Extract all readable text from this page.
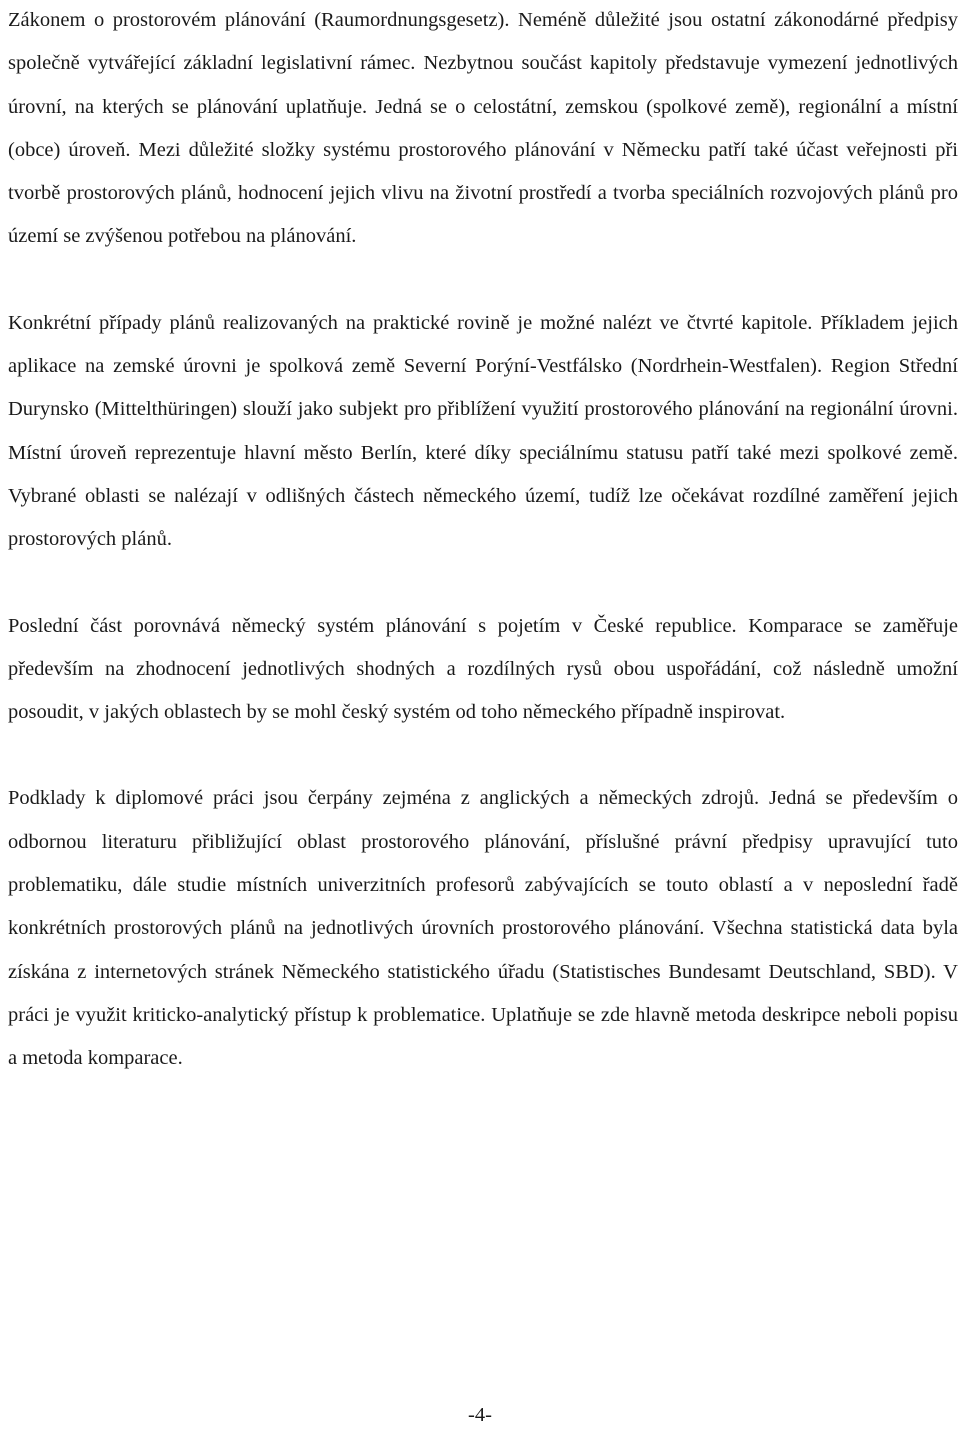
Zákonem o prostorovém plánování (Raumordnungsgesetz). Neméně důležité jsou ostatní zákonodárné předpisy společně vytvářející základní legislativní rámec. Nezbytnou součást kapitoly představuje vymezení jednotlivých úrovní, na kterých se plánování uplatňuje. Jedná se o celostátní, zemskou (spolkové země), regionální a místní (obce) úroveň. Mezi důležité složky systému prostorového plánování v Německu patří také účast veřejnosti při tvorbě prostorových plánů, hodnocení jejich vlivu na životní prostředí a tvorba speciálních rozvojových plánů pro území se zvýšenou potřebou na plánování.

Konkrétní případy plánů realizovaných na praktické rovině je možné nalézt ve čtvrté kapitole. Příkladem jejich aplikace na zemské úrovni je spolková země Severní Porýní-Vestfálsko (Nordrhein-Westfalen). Region Střední Durynsko (Mittelthüringen) slouží jako subjekt pro přiblížení využití prostorového plánování na regionální úrovni. Místní úroveň reprezentuje hlavní město Berlín, které díky speciálnímu statusu patří také mezi spolkové země. Vybrané oblasti se nalézají v odlišných částech německého území, tudíž lze očekávat rozdílné zaměření jejich prostorových plánů.

Poslední část porovnává německý systém plánování s pojetím v České republice. Komparace se zaměřuje především na zhodnocení jednotlivých shodných a rozdílných rysů obou uspořádání, což následně umožní posoudit, v jakých oblastech by se mohl český systém od toho německého případně inspirovat.

Podklady k diplomové práci jsou čerpány zejména z anglických a německých zdrojů. Jedná se především o odbornou literaturu přibližující oblast prostorového plánování, příslušné právní předpisy upravující tuto problematiku, dále studie místních univerzitních profesorů zabývajících se touto oblastí a v neposlední řadě konkrétních prostorových plánů na jednotlivých úrovních prostorového plánování. Všechna statistická data byla získána z internetových stránek Německého statistického úřadu (Statistisches Bundesamt Deutschland, SBD). V práci je využit kriticko-analytický přístup k problematice. Uplatňuje se zde hlavně metoda deskripce neboli popisu a metoda komparace.

-4-
